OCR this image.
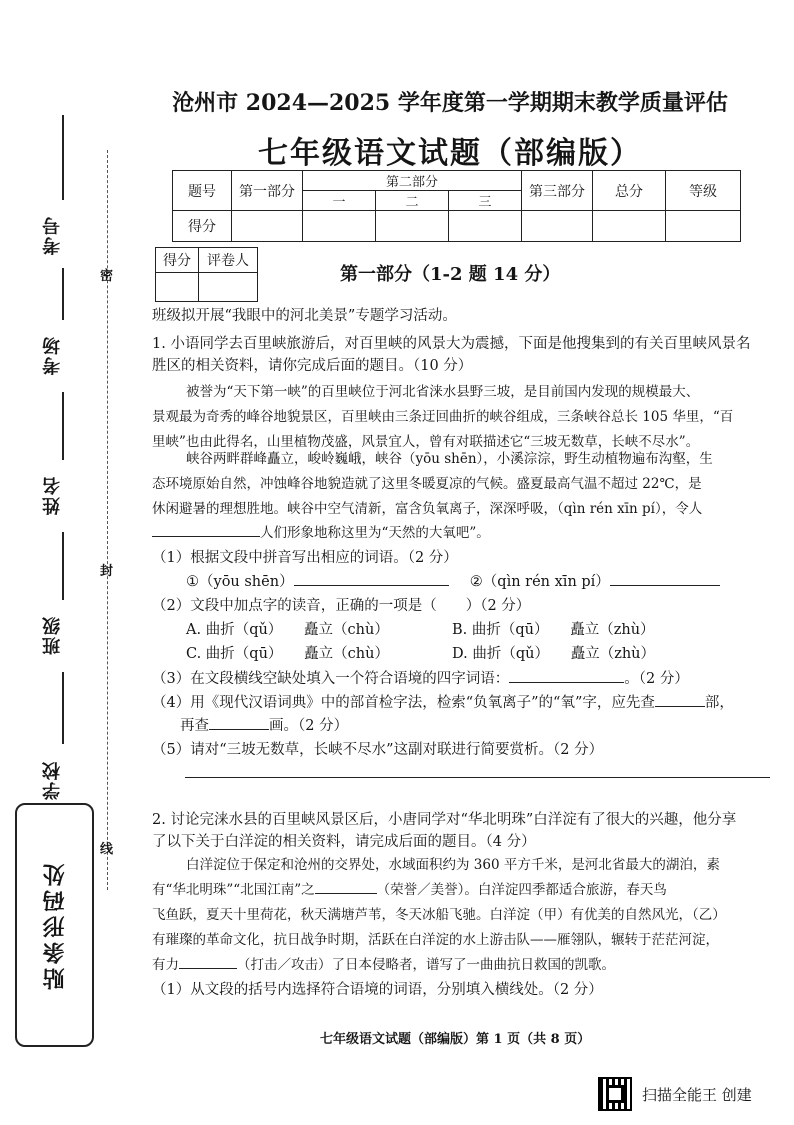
考号
考场
姓名
班级
学校
密
封
线
贴条形码处
沧州市 2024—2025 学年度第一学期期末教学质量评估
七年级语文试题（部编版）
题号	第一部分	第二部分			第三部分	总分	等级
		一	二	三			
得分							
得分	评卷人

第一部分（1-2 题 14 分）

班级拟开展“我眼中的河北美景”专题学习活动。

1. 小语同学去百里峡旅游后，对百里峡的风景大为震撼，下面是他搜集到的有关百里峡风景名

胜区的相关资料，请你完成后面的题目。（10 分）

被誉为“天下第一峡”的百里峡位于河北省涞水县野三坡，是目前国内发现的规模最大、

景观最为奇秀的峰谷地貌景区，百里峡由三条迂回曲折的峡谷组成，三条峡谷总长 105 华里，“百

里峡”也由此得名，山里植物茂盛，风景宜人，曾有对联描述它“三坡无数草，长峡不尽水”。

峡谷两畔群峰矗立，峻岭巍峨，峡谷（yōu shēn），小溪淙淙，野生动植物遍布沟壑，生

态环境原始自然，冲蚀峰谷地貌造就了这里冬暖夏凉的气候。盛夏最高气温不超过 22℃，是

休闲避暑的理想胜地。峡谷中空气清新，富含负氧离子，深深呼吸，（qìn rén xīn pí），令人

人们形象地称这里为“天然的大氧吧”。

（1）根据文段中拼音写出相应的词语。（2 分）

①（yōu shēn）	②（qìn rén xīn pí）

（2）文段中加点字的读音，正确的一项是（　　）（2 分）

A. 曲折（qǔ）　　矗立（chù）	B. 曲折（qū）　　矗立（zhù）

C. 曲折（qū）　　矗立（chù）	D. 曲折（qǔ）　　矗立（zhù）

（3）在文段横线空缺处填入一个符合语境的四字词语：	。（2 分）

（4）用《现代汉语词典》中的部首检字法，检索“负氧离子”的“氧”字，应先查	部，

再查	画。（2 分）

（5）请对“三坡无数草，长峡不尽水”这副对联进行简要赏析。（2 分）

2. 讨论完涞水县的百里峡风景区后，小唐同学对“华北明珠”白洋淀有了很大的兴趣，他分享

了以下关于白洋淀的相关资料，请完成后面的题目。（4 分）

白洋淀位于保定和沧州的交界处，水域面积约为 360 平方千米，是河北省最大的湖泊，素

有“华北明珠”“北国江南”之	（荣誉／美誉）。白洋淀四季都适合旅游，春天鸟

飞鱼跃，夏天十里荷花，秋天满塘芦苇，冬天冰船飞驰。白洋淀（甲）有优美的自然风光，（乙）

有璀璨的革命文化，抗日战争时期，活跃在白洋淀的水上游击队——雁翎队，辗转于茫茫河淀，

有力	（打击／攻击）了日本侵略者，谱写了一曲曲抗日救国的凯歌。

（1）从文段的括号内选择符合语境的词语，分别填入横线处。（2 分）

七年级语文试题（部编版）第 1 页（共 8 页）
扫描全能王 创建
